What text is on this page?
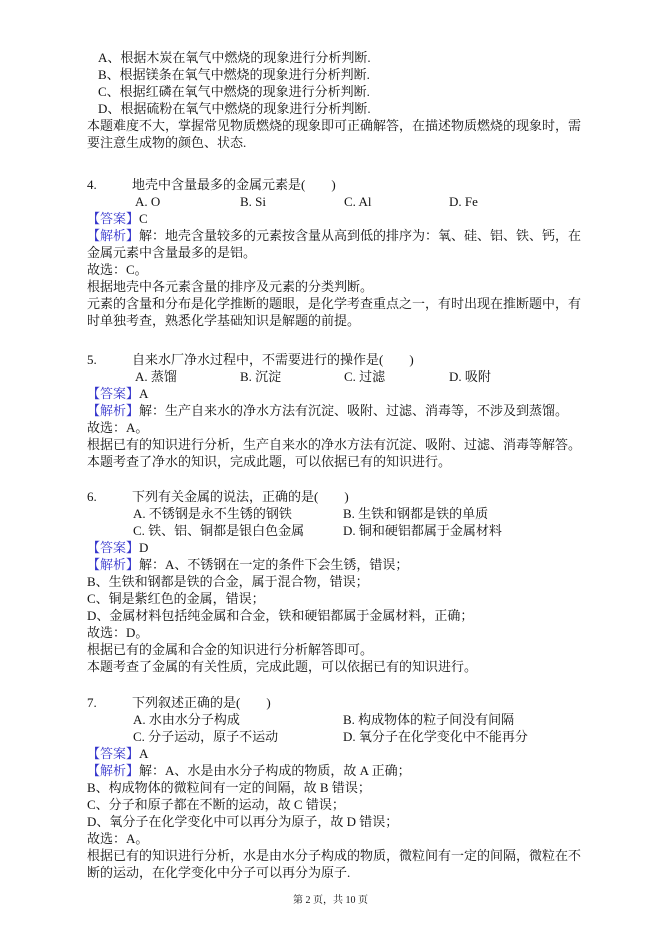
A、根据木炭在氧气中燃烧的现象进行分析判断.
B、根据镁条在氧气中燃烧的现象进行分析判断.
C、根据红磷在氧气中燃烧的现象进行分析判断.
D、根据硫粉在氧气中燃烧的现象进行分析判断.
本题难度不大，掌握常见物质燃烧的现象即可正确解答，在描述物质燃烧的现象时，需
要注意生成物的颜色、状态.
4.	地壳中含量最多的金属元素是(　　)
A. O	B. Si	C. Al	D. Fe
【答案】C
【解析】解：地壳含量较多的元素按含量从高到低的排序为：氧、硅、铝、铁、钙，在
金属元素中含量最多的是铝。
故选：C。
根据地壳中各元素含量的排序及元素的分类判断。
元素的含量和分布是化学推断的题眼，是化学考查重点之一，有时出现在推断题中，有
时单独考查，熟悉化学基础知识是解题的前提。
5.	自来水厂净水过程中，不需要进行的操作是(　　)
A. 蒸馏	B. 沉淀	C. 过滤	D. 吸附
【答案】A
【解析】解：生产自来水的净水方法有沉淀、吸附、过滤、消毒等，不涉及到蒸馏。
故选：A。
根据已有的知识进行分析，生产自来水的净水方法有沉淀、吸附、过滤、消毒等解答。
本题考查了净水的知识，完成此题，可以依据已有的知识进行。
6.	下列有关金属的说法，正确的是(　　)
A. 不锈钢是永不生锈的钢铁	B. 生铁和钢都是铁的单质
C. 铁、铝、铜都是银白色金属	D. 铜和硬铝都属于金属材料
【答案】D
【解析】解：A、不锈钢在一定的条件下会生锈，错误；
B、生铁和钢都是铁的合金，属于混合物，错误；
C、铜是紫红色的金属，错误；
D、金属材料包括纯金属和合金，铁和硬铝都属于金属材料，正确；
故选：D。
根据已有的金属和合金的知识进行分析解答即可。
本题考查了金属的有关性质，完成此题，可以依据已有的知识进行。
7.	下列叙述正确的是(　　)
A. 水由水分子构成	B. 构成物体的粒子间没有间隔
C. 分子运动，原子不运动	D. 氧分子在化学变化中不能再分
【答案】A
【解析】解：A、水是由水分子构成的物质，故 A 正确；
B、构成物体的微粒间有一定的间隔，故 B 错误；
C、分子和原子都在不断的运动，故 C 错误；
D、氧分子在化学变化中可以再分为原子，故 D 错误；
故选：A。
根据已有的知识进行分析，水是由水分子构成的物质，微粒间有一定的间隔，微粒在不
断的运动，在化学变化中分子可以再分为原子.
第 2 页，共 10 页
